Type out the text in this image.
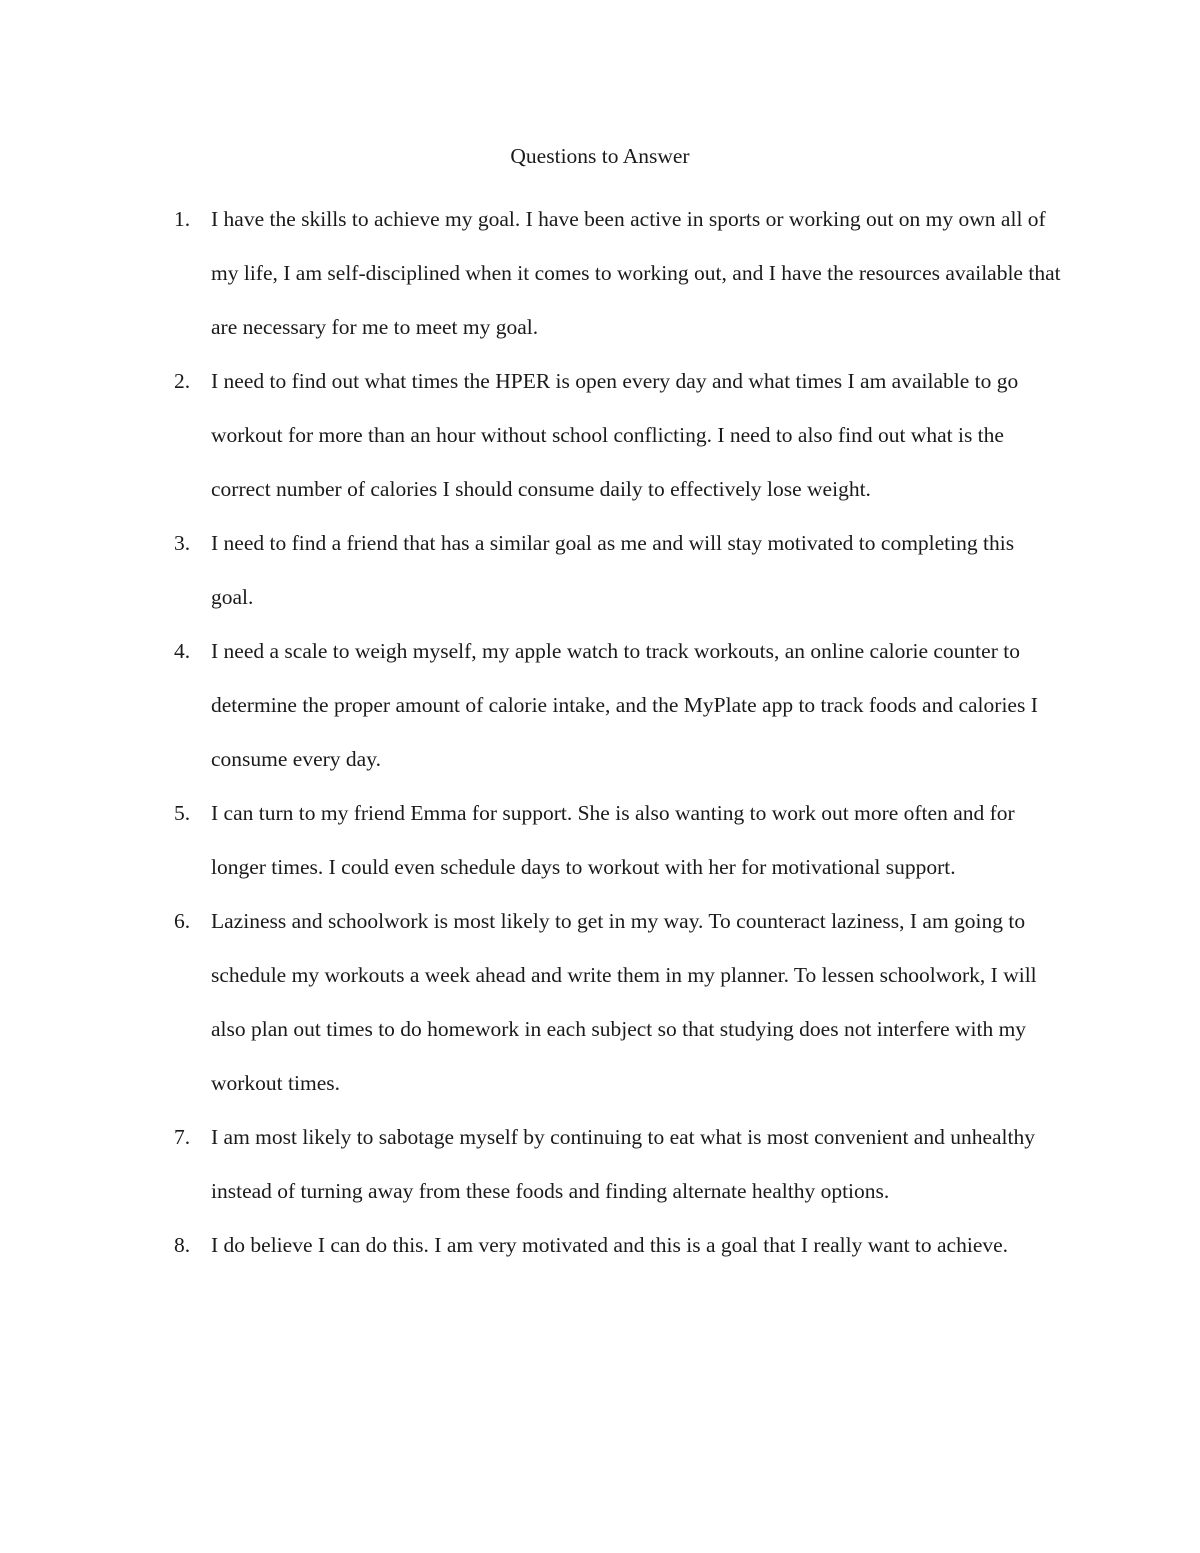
Questions to Answer
1. I have the skills to achieve my goal. I have been active in sports or working out on my own all of my life, I am self-disciplined when it comes to working out, and I have the resources available that are necessary for me to meet my goal.
2. I need to find out what times the HPER is open every day and what times I am available to go workout for more than an hour without school conflicting. I need to also find out what is the correct number of calories I should consume daily to effectively lose weight.
3. I need to find a friend that has a similar goal as me and will stay motivated to completing this goal.
4. I need a scale to weigh myself, my apple watch to track workouts, an online calorie counter to determine the proper amount of calorie intake, and the MyPlate app to track foods and calories I consume every day.
5. I can turn to my friend Emma for support. She is also wanting to work out more often and for longer times. I could even schedule days to workout with her for motivational support.
6. Laziness and schoolwork is most likely to get in my way. To counteract laziness, I am going to schedule my workouts a week ahead and write them in my planner. To lessen schoolwork, I will also plan out times to do homework in each subject so that studying does not interfere with my workout times.
7. I am most likely to sabotage myself by continuing to eat what is most convenient and unhealthy instead of turning away from these foods and finding alternate healthy options.
8. I do believe I can do this. I am very motivated and this is a goal that I really want to achieve.
